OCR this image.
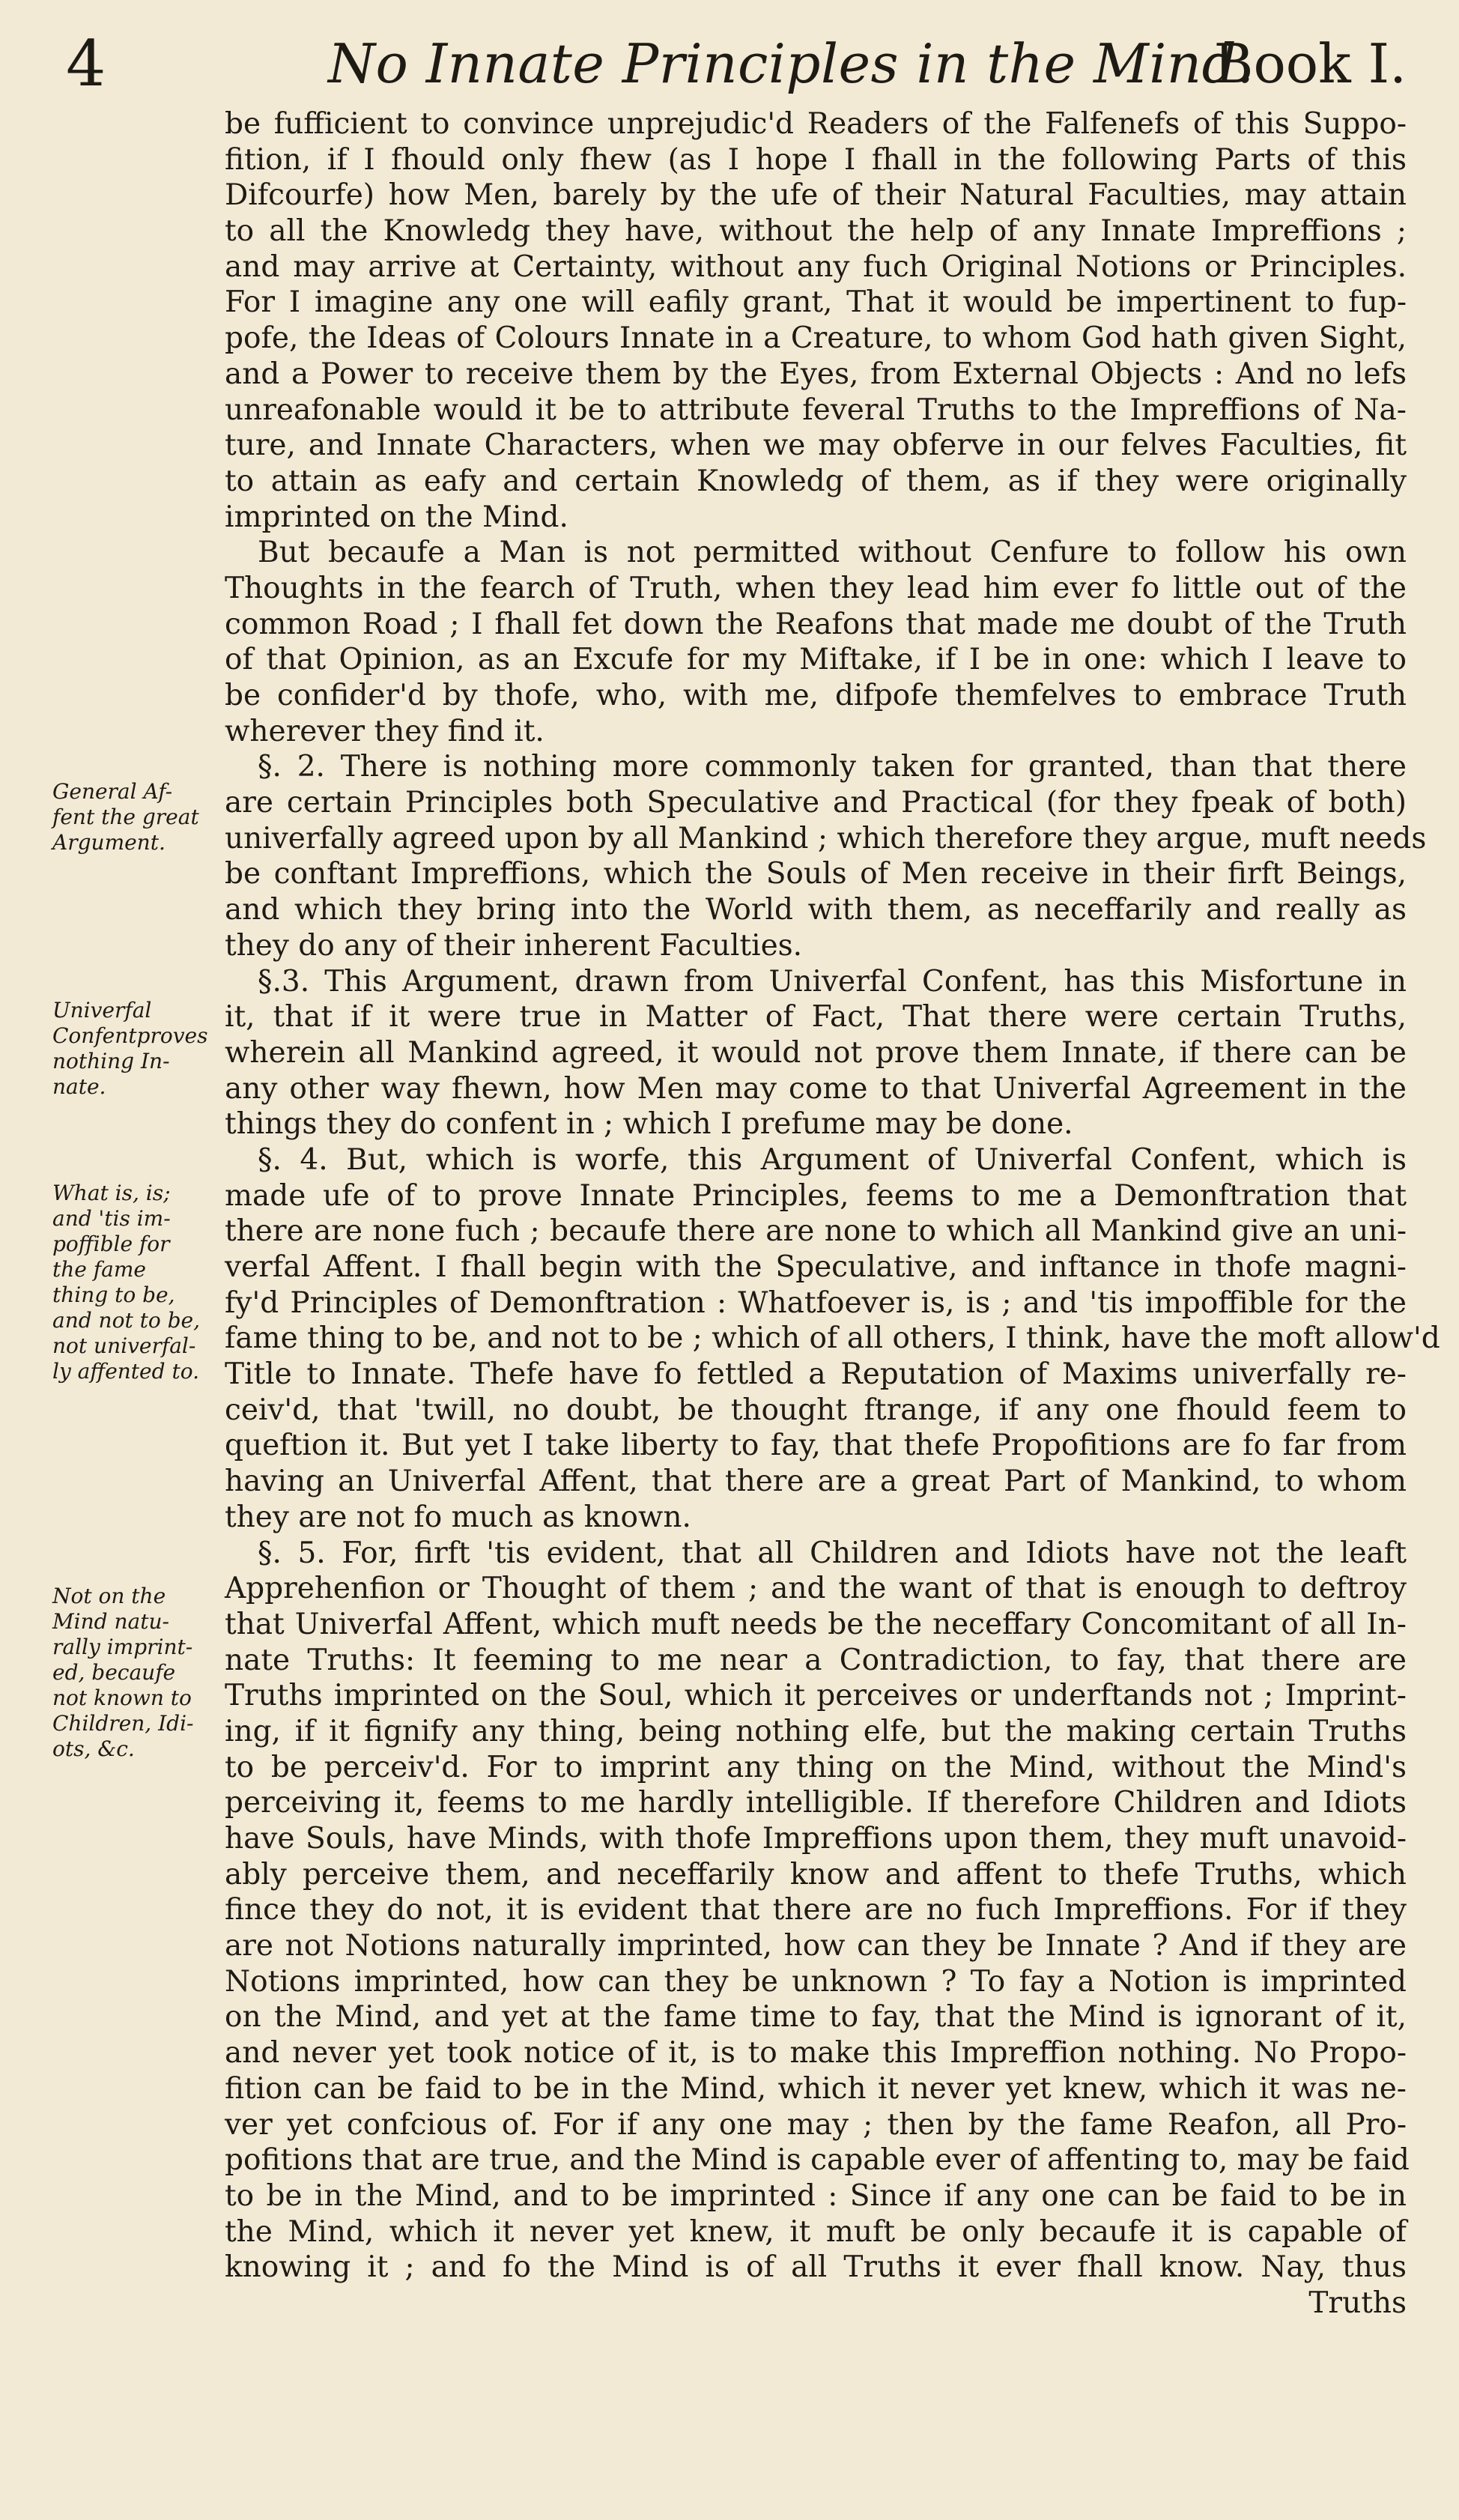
4	No Innate Principles in the Mind.
Book I.
General Af-
fent the great
Argument.
Univerfal
Confentproves
nothing In-
nate.
What is, is;
and 'tis im-
poffible for
the fame
thing to be,
and not to be,
not univerfal-
ly affented to.
Not on the
Mind natu-
rally imprint-
ed, becaufe
not known to
Children, Idi-
ots, &c.
be fufficient to convince unprejudic'd Readers of the Falfenefs of this Suppo-
fition, if I fhould only fhew (as I hope I fhall in the following Parts of this
Difcourfe) how Men, barely by the ufe of their Natural Faculties, may attain
to all the Knowledg they have, without the help of any Innate Impreffions ;
and may arrive at Certainty, without any fuch Original Notions or Principles.
For I imagine any one will eafily grant, That it would be impertinent to fup-
pofe, the Ideas of Colours Innate in a Creature, to whom God hath given Sight,
and a Power to receive them by the Eyes, from External Objects : And no lefs
unreafonable would it be to attribute feveral Truths to the Impreffions of Na-
ture, and Innate Characters, when we may obferve in our felves Faculties, fit
to attain as eafy and certain Knowledg of them, as if they were originally
imprinted on the Mind.
But becaufe a Man is not permitted without Cenfure to follow his own
Thoughts in the fearch of Truth, when they lead him ever fo little out of the
common Road ; I fhall fet down the Reafons that made me doubt of the Truth
of that Opinion, as an Excufe for my Miftake, if I be in one: which I leave to
be confider'd by thofe, who, with me, difpofe themfelves to embrace Truth
wherever they find it.
§. 2. There is nothing more commonly taken for granted, than that there
are certain Principles both Speculative and Practical (for they fpeak of both)
univerfally agreed upon by all Mankind ; which therefore they argue, muft needs
be conftant Impreffions, which the Souls of Men receive in their firft Beings,
and which they bring into the World with them, as neceffarily and really as
they do any of their inherent Faculties.
§.3. This Argument, drawn from Univerfal Confent, has this Misfortune in
it, that if it were true in Matter of Fact, That there were certain Truths,
wherein all Mankind agreed, it would not prove them Innate, if there can be
any other way fhewn, how Men may come to that Univerfal Agreement in the
things they do confent in ; which I prefume may be done.
§. 4. But, which is worfe, this Argument of Univerfal Confent, which is
made ufe of to prove Innate Principles, feems to me a Demonftration that
there are none fuch ; becaufe there are none to which all Mankind give an uni-
verfal Affent. I fhall begin with the Speculative, and inftance in thofe magni-
fy'd Principles of Demonftration : Whatfoever is, is ; and 'tis impoffible for the
fame thing to be, and not to be ; which of all others, I think, have the moft allow'd
Title to Innate. Thefe have fo fettled a Reputation of Maxims univerfally re-
ceiv'd, that 'twill, no doubt, be thought ftrange, if any one fhould feem to
queftion it. But yet I take liberty to fay, that thefe Propofitions are fo far from
having an Univerfal Affent, that there are a great Part of Mankind, to whom
they are not fo much as known.
§. 5. For, firft 'tis evident, that all Children and Idiots have not the leaft
Apprehenfion or Thought of them ; and the want of that is enough to deftroy
that Univerfal Affent, which muft needs be the neceffary Concomitant of all In-
nate Truths: It feeming to me near a Contradiction, to fay, that there are
Truths imprinted on the Soul, which it perceives or underftands not ; Imprint-
ing, if it fignify any thing, being nothing elfe, but the making certain Truths
to be perceiv'd. For to imprint any thing on the Mind, without the Mind's
perceiving it, feems to me hardly intelligible. If therefore Children and Idiots
have Souls, have Minds, with thofe Impreffions upon them, they muft unavoid-
ably perceive them, and neceffarily know and affent to thefe Truths, which
fince they do not, it is evident that there are no fuch Impreffions. For if they
are not Notions naturally imprinted, how can they be Innate ? And if they are
Notions imprinted, how can they be unknown ? To fay a Notion is imprinted
on the Mind, and yet at the fame time to fay, that the Mind is ignorant of it,
and never yet took notice of it, is to make this Impreffion nothing. No Propo-
fition can be faid to be in the Mind, which it never yet knew, which it was ne-
ver yet confcious of. For if any one may ; then by the fame Reafon, all Pro-
pofitions that are true, and the Mind is capable ever of affenting to, may be faid
to be in the Mind, and to be imprinted : Since if any one can be faid to be in
the Mind, which it never yet knew, it muft be only becaufe it is capable of
knowing it ; and fo the Mind is of all Truths it ever fhall know. Nay, thus
Truths
